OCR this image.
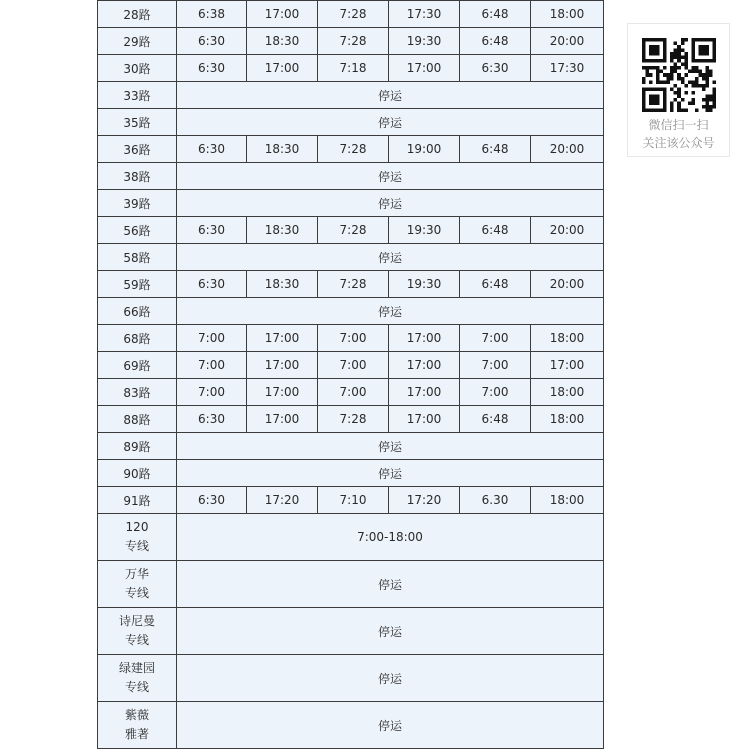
28路	6:38	17:00	7:28	17:30	6:48	18:00

29路	6:30	18:30	7:28	19:30	6:48	20:00

30路	6:30	17:00	7:18	17:00	6:30	17:30

33路	停运					

35路	停运					

36路	6:30	18:30	7:28	19:00	6:48	20:00

38路	停运					

39路	停运					

56路	6:30	18:30	7:28	19:30	6:48	20:00

58路	停运					

59路	6:30	18:30	7:28	19:30	6:48	20:00

66路	停运					

68路	7:00	17:00	7:00	17:00	7:00	18:00

69路	7:00	17:00	7:00	17:00	7:00	17:00

83路	7:00	17:00	7:00	17:00	7:00	18:00

88路	6:30	17:00	7:28	17:00	6:48	18:00

89路	停运					

90路	停运					

91路	6:30	17:20	7:10	17:20	6.30	18:00

120
专线	7:00-18:00					

万华
专线	停运					

诗尼曼
专线	停运					

绿建园
专线	停运					

紫薇
雅著	停运					
微信扫一扫
关注该公众号
